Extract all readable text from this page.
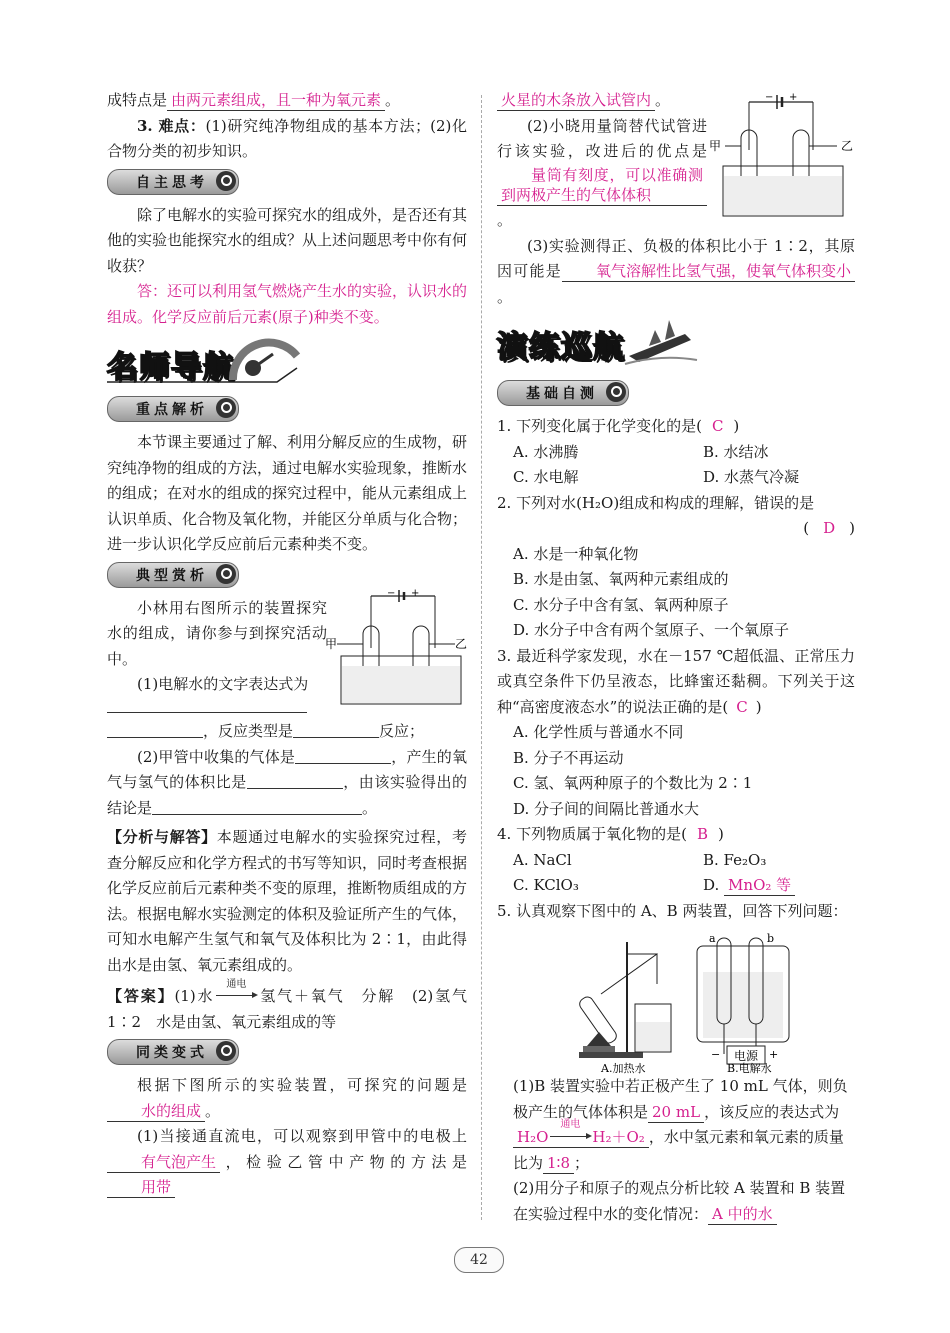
成特点是 由两元素组成，且一种为氧元素 。

3. 难点：(1)研究纯净物组成的基本方法；(2)化合物分类的初步知识。

自主思考

除了电解水的实验可探究水的组成外，是否还有其他的实验也能探究水的组成？从上述问题思考中你有何收获？

答：还可以利用氢气燃烧产生水的实验，认识水的组成。化学反应前后元素(原子)种类不变。

名师导航
重点解析

本节课主要通过了解、利用分解反应的生成物，研究纯净物的组成的方法，通过电解水实验现象，推断水的组成；在对水的组成的探究过程中，能从元素组成上认识单质、化合物及氧化物，并能区分单质与化合物；进一步认识化学反应前后元素种类不变。

典型赏析

小林用右图所示的装置探究水的组成，请你参与到探究活动中。

− +
甲	乙

(1)电解水的文字表达式为

，反应类型是	反应；

(2)甲管中收集的气体是	，产生的氧气与氢气的体积比是	，由该实验得出的结论是	。

【分析与解答】本题通过电解水的实验探究过程，考查分解反应和化学方程式的书写等知识，同时考查根据化学反应前后元素种类不变的原理，推断物质组成的方法。根据电解水实验测定的体积及验证所产生的气体，可知水电解产生氢气和氧气及体积比为 2∶1，由此得出水是由氢、氧元素组成的。

【答案】(1)水
通电
氢气＋氧气　分解　(2)氢气　1∶2　水是由氢、氧元素组成的等

同类变式

根据下图所示的实验装置，可探究的问题是水的组成 。

(1)当接通直流电，可以观察到甲管中的电极上有气泡产生 ，检验乙管中产物的方法是用带

火星的木条放入试管内 。

(2)小晓用量筒替代试管进行该实验，改进后的优点是量筒有刻度，可以准确测到两极产生的气体体积。

− +
甲	乙

(3)实验测得正、负极的体积比小于 1∶2，其原因可能是 氧气溶解性比氢气强，使氧气体积变小。

演练巡航
基础自测

1. 下列变化属于化学变化的是( C )

A. 水沸腾	B. 水结冰
C. 水电解	D. 水蒸气冷凝

2. 下列对水(H₂O)组成和构成的理解，错误的是

( D )

A. 水是一种氧化物

B. 水是由氢、氧两种元素组成的

C. 水分子中含有氢、氧两种原子

D. 水分子中含有两个氢原子、一个氧原子

3. 最近科学家发现，水在－157 ℃超低温、正常压力或真空条件下仍呈液态，比蜂蜜还黏稠。下列关于这种“高密度液态水”的说法正确的是( C )

A. 化学性质与普通水不同

B. 分子不再运动

C. 氢、氧两种原子的个数比为 2∶1

D. 分子间的间隔比普通水大

4. 下列物质属于氧化物的是( B )

A. NaCl	B. Fe₂O₃
C. KClO₃	D. MnO₂ 等

5. 认真观察下图中的 A、B 两装置，回答下列问题：

A.加热水
a	b
电源
−	+
B.电解水

(1)B 装置实验中若正极产生了 10 mL 气体，则负极产生的气体体积是 20 mL ，该反应的表达式为H₂O
通电
H₂＋O₂ ，水中氢元素和氧元素的质量比为 1∶8 ；

(2)用分子和原子的观点分析比较 A 装置和 B 装置在实验过程中水的变化情况： A 中的水

42
